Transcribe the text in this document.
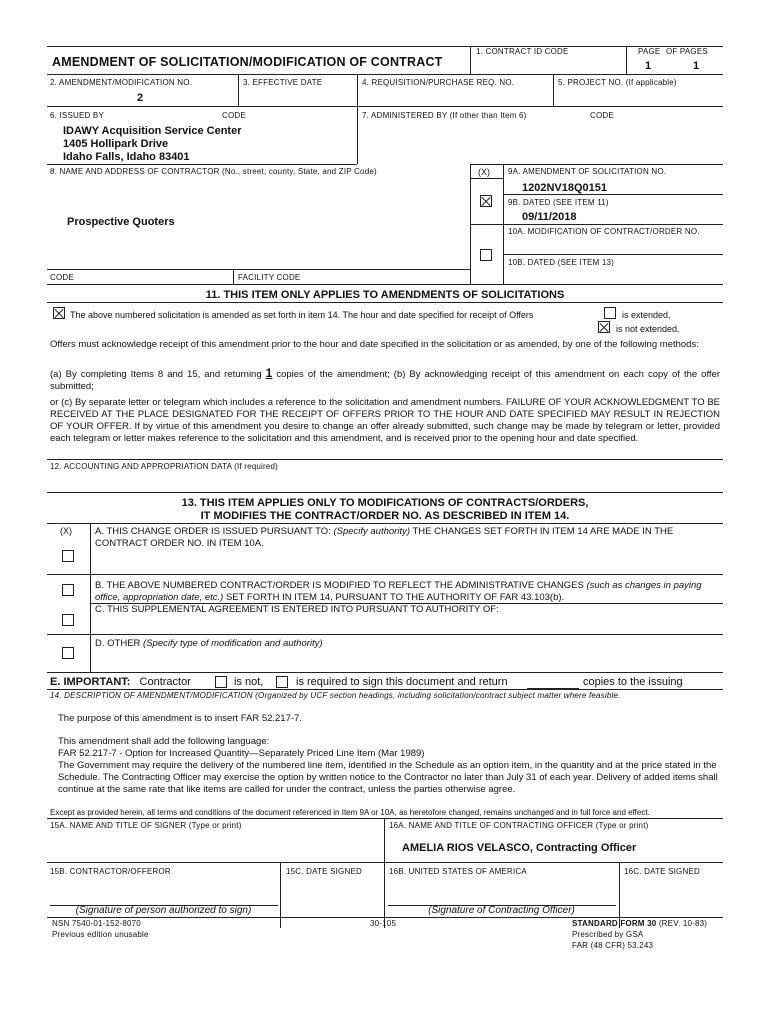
AMENDMENT OF SOLICITATION/MODIFICATION OF CONTRACT
1. CONTRACT ID CODE	PAGE OF PAGES
1	1
2. AMENDMENT/MODIFICATION NO.
2
3. EFFECTIVE DATE	4. REQUISITION/PURCHASE REQ. NO.	5. PROJECT NO. (If applicable)
6. ISSUED BY	CODE	7. ADMINISTERED BY (If other than Item 6)	CODE
IDAWY Acquisition Service Center
1405 Hollipark Drive
Idaho Falls, Idaho 83401
8. NAME AND ADDRESS OF CONTRACTOR (No., street, county, State, and ZIP Code)
Prospective Quoters
(X) 9A. AMENDMENT OF SOLICITATION NO.
1202NV18Q0151
9B. DATED (SEE ITEM 11)
09/11/2018
10A. MODIFICATION OF CONTRACT/ORDER NO.
10B. DATED (SEE ITEM 13)
CODE	FACILITY CODE
11. THIS ITEM ONLY APPLIES TO AMENDMENTS OF SOLICITATIONS
The above numbered solicitation is amended as set forth in item 14. The hour and date specified for receipt of Offers	is extended,
is not extended.
Offers must acknowledge receipt of this amendment prior to the hour and date specified in the solicitation or as amended, by one of the following methods:
(a) By completing Items 8 and 15, and returning 1 copies of the amendment; (b) By acknowledging receipt of this amendment on each copy of the offer submitted;
or (c) By separate letter or telegram which includes a reference to the solicitation and amendment numbers. FAILURE OF YOUR ACKNOWLEDGMENT TO BE RECEIVED AT THE PLACE DESIGNATED FOR THE RECEIPT OF OFFERS PRIOR TO THE HOUR AND DATE SPECIFIED MAY RESULT IN REJECTION OF YOUR OFFER. If by virtue of this amendment you desire to change an offer already submitted, such change may be made by telegram or letter, provided each telegram or letter makes reference to the solicitation and this amendment, and is received prior to the opening hour and date specified.
12. ACCOUNTING AND APPROPRIATION DATA (If required)
13. THIS ITEM APPLIES ONLY TO MODIFICATIONS OF CONTRACTS/ORDERS,
IT MODIFIES THE CONTRACT/ORDER NO. AS DESCRIBED IN ITEM 14.
(X) A. THIS CHANGE ORDER IS ISSUED PURSUANT TO: (Specify authority) THE CHANGES SET FORTH IN ITEM 14 ARE MADE IN THE CONTRACT ORDER NO. IN ITEM 10A.
B. THE ABOVE NUMBERED CONTRACT/ORDER IS MODIFIED TO REFLECT THE ADMINISTRATIVE CHANGES (such as changes in paying office, appropriation date, etc.) SET FORTH IN ITEM 14, PURSUANT TO THE AUTHORITY OF FAR 43.103(b).
C. THIS SUPPLEMENTAL AGREEMENT IS ENTERED INTO PURSUANT TO AUTHORITY OF:
D. OTHER (Specify type of modification and authority)
E. IMPORTANT: Contractor	is not,	is required to sign this document and return	copies to the issuing
14. DESCRIPTION OF AMENDMENT/MODIFICATION (Organized by UCF section headings, including solicitation/contract subject matter where feasible.
The purpose of this amendment is to insert FAR 52.217-7.
This amendment shall add the following language:
FAR 52.217-7 - Option for Increased Quantity—Separately Priced Line Item (Mar 1989)
The Government may require the delivery of the numbered line item, identified in the Schedule as an option item, in the quantity and at the price stated in the Schedule. The Contracting Officer may exercise the option by written notice to the Contractor no later than July 31 of each year. Delivery of added items shall continue at the same rate that like items are called for under the contract, unless the parties otherwise agree.
Except as provided herein, all terms and conditions of the document referenced in Item 9A or 10A, as heretofore changed, remains unchanged and in full force and effect.
15A. NAME AND TITLE OF SIGNER (Type or print)	16A. NAME AND TITLE OF CONTRACTING OFFICER (Type or print)
AMELIA RIOS VELASCO, Contracting Officer
15B. CONTRACTOR/OFFEROR	15C. DATE SIGNED	16B. UNITED STATES OF AMERICA	16C. DATE SIGNED
(Signature of person authorized to sign)	(Signature of Contracting Officer)
NSN 7540-01-152-8070
Previous edition unusable
30-105	STANDARD FORM 30 (REV. 10-83)
Prescribed by GSA
FAR (48 CFR) 53.243
